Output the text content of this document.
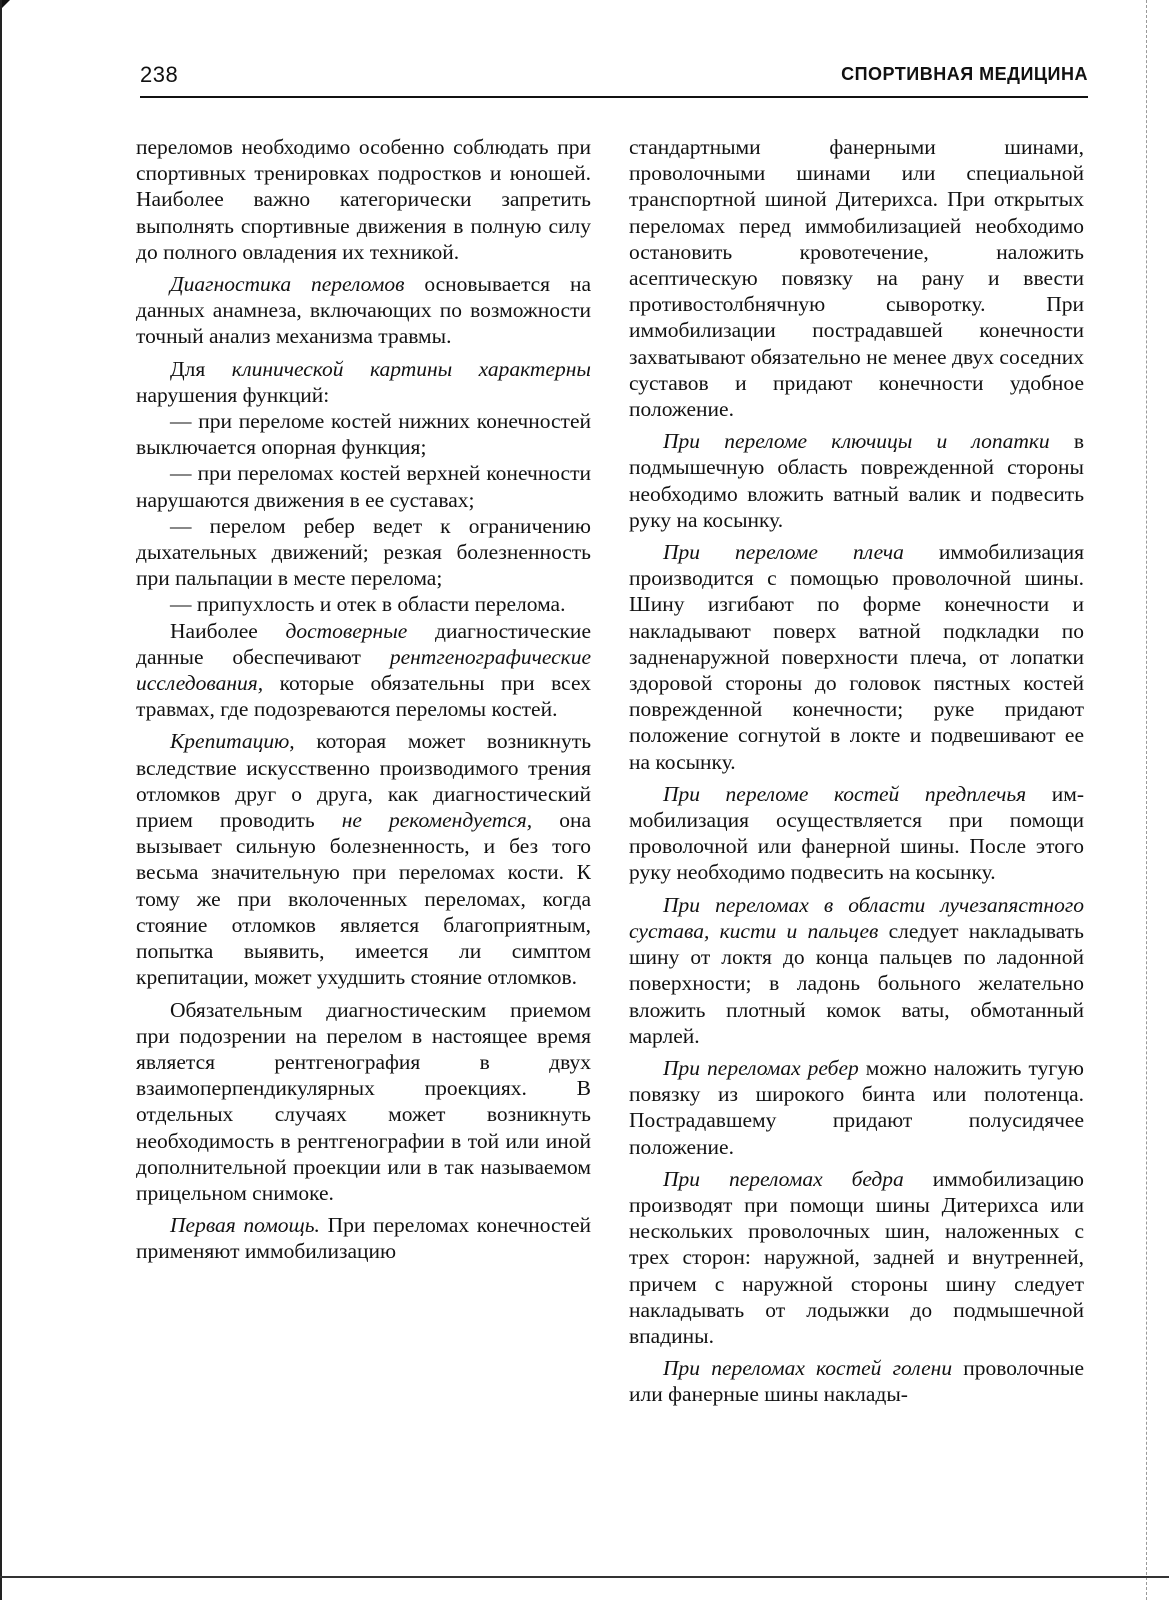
238	СПОРТИВНАЯ МЕДИЦИНА

переломов необходимо особенно соблюдать при спортивных тренировках подростков и юношей. Наиболее важно категорически запретить выполнять спортивные движения в полную силу до полного овладения их техникой.

Диагностика переломов основывается на данных анамнеза, включающих по возможности точный анализ механизма травмы.

Для клинической картины характерны нарушения функций:

— при переломе костей нижних конечностей выключается опорная функция;

— при переломах костей верхней конечности нарушаются движения в ее суставах;

— перелом ребер ведет к ограничению дыхательных движений; резкая болезненность при пальпации в месте перелома;

— припухлость и отек в области перелома.

Наиболее достоверные диагностические данные обеспечивают рентгенографические исследования, которые обязательны при всех травмах, где подозреваются переломы костей.

Крепитацию, которая может возникнуть вследствие искусственно производимого трения отломков друг о друга, как диагностический прием проводить не рекомендуется, она вызывает сильную болезненность, и без того весьма значительную при переломах кости. К тому же при вколоченных переломах, когда стояние отломков является благоприятным, попытка выявить, имеется ли симптом крепитации, может ухудшить стояние отломков.

Обязательным диагностическим приемом при подозрении на перелом в настоящее время является рентгенография в двух взаимоперпендикулярных проекциях. В отдельных случаях может возникнуть необходимость в рентгенографии в той или иной дополнительной проекции или в так называемом прицельном снимоке.

Первая помощь. При переломах конечностей применяют иммобилизацию

стандартными фанерными шинами, проволочными шинами или специальной транспортной шиной Дитерихса. При открытых переломах перед иммобилизацией необходимо остановить кровотечение, наложить асептическую повязку на рану и ввести противостолбнячную сыворотку. При иммобилизации пострадавшей конечности захватывают обязательно не менее двух соседних суставов и придают конечности удобное положение.

При переломе ключицы и лопатки в подмышечную область поврежденной стороны необходимо вложить ватный валик и подвесить руку на косынку.

При переломе плеча иммобилизация производится с помощью проволочной шины. Шину изгибают по форме конечности и накладывают поверх ватной подкладки по задненаружной поверхности плеча, от лопатки здоровой стороны до головок пястных костей поврежденной конечности; руке придают положение согнутой в локте и подвешивают ее на косынку.

При переломе костей предплечья иммобилизация осуществляется при помощи проволочной или фанерной шины. После этого руку необходимо подвесить на косынку.

При переломах в области лучезапястного сустава, кисти и пальцев следует накладывать шину от локтя до конца пальцев по ладонной поверхности; в ладонь больного желательно вложить плотный комок ваты, обмотанный марлей.

При переломах ребер можно наложить тугую повязку из широкого бинта или полотенца. Пострадавшему придают полусидячее положение.

При переломах бедра иммобилизацию производят при помощи шины Дитерихса или нескольких проволочных шин, наложенных с трех сторон: наружной, задней и внутренней, причем с наружной стороны шину следует накладывать от лодыжки до подмышечной впадины.

При переломах костей голени проволочные или фанерные шины наклады-
